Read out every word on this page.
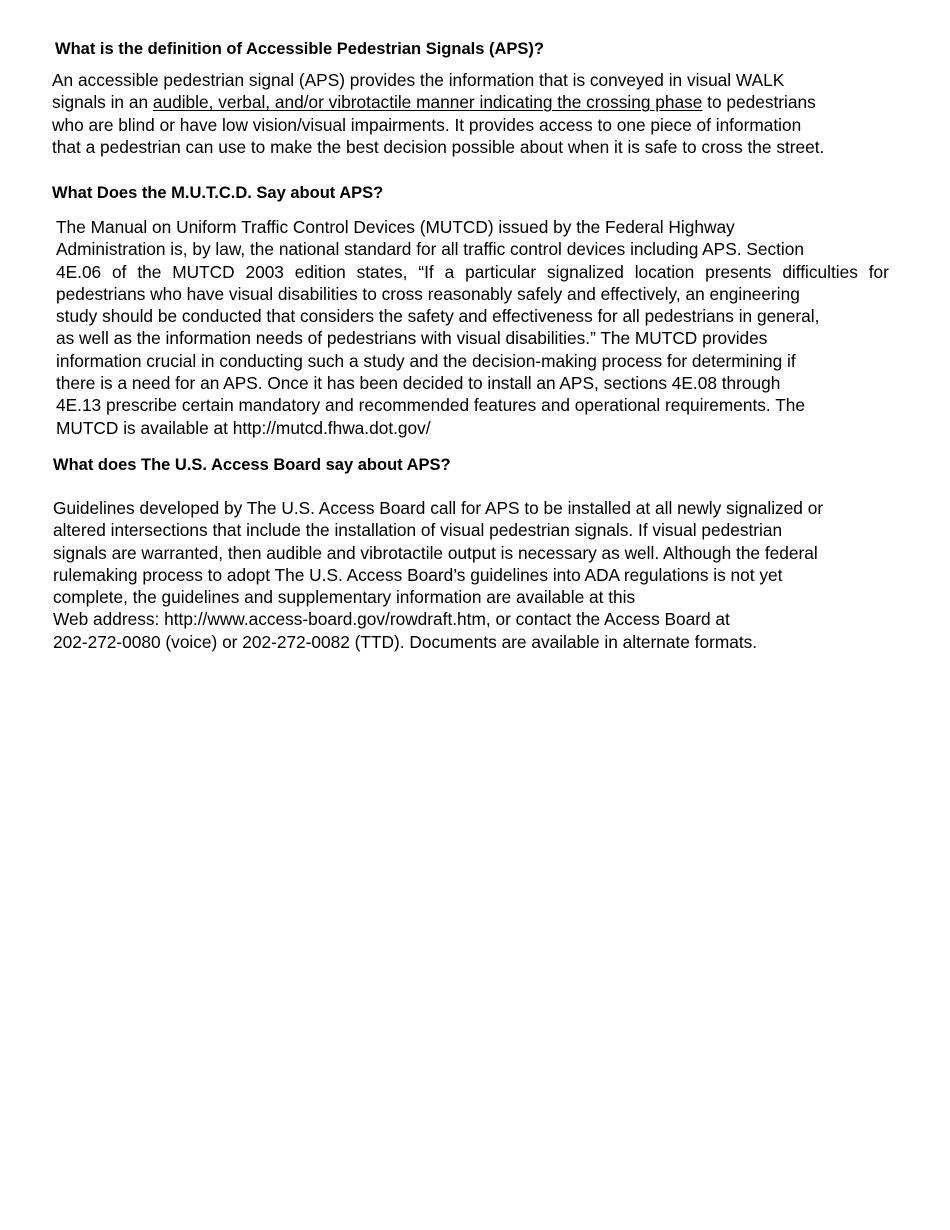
What is the definition of Accessible Pedestrian Signals (APS)?
An accessible pedestrian signal (APS) provides the information that is conveyed in visual WALK
signals in an audible, verbal, and/or vibrotactile manner indicating the crossing phase to pedestrians
who are blind or have low vision/visual impairments. It provides access to one piece of information
that a pedestrian can use to make the best decision possible about when it is safe to cross the street.
What Does the M.U.T.C.D. Say about APS?
The Manual on Uniform Traffic Control Devices (MUTCD) issued by the Federal Highway
Administration is, by law, the national standard for all traffic control devices including APS. Section
4E.06 of the MUTCD 2003 edition states, “If a particular signalized location presents difficulties for
pedestrians who have visual disabilities to cross reasonably safely and effectively, an engineering
study should be conducted that considers the safety and effectiveness for all pedestrians in general,
as well as the information needs of pedestrians with visual disabilities.” The MUTCD provides
information crucial in conducting such a study and the decision-making process for determining if
there is a need for an APS. Once it has been decided to install an APS, sections 4E.08 through
4E.13 prescribe certain mandatory and recommended features and operational requirements. The
MUTCD is available at http://mutcd.fhwa.dot.gov/
What does The U.S. Access Board say about APS?
Guidelines developed by The U.S. Access Board call for APS to be installed at all newly signalized or
altered intersections that include the installation of visual pedestrian signals. If visual pedestrian
signals are warranted, then audible and vibrotactile output is necessary as well. Although the federal
rulemaking process to adopt The U.S. Access Board’s guidelines into ADA regulations is not yet
complete, the guidelines and supplementary information are available at this
Web address: http://www.access-board.gov/rowdraft.htm, or contact the Access Board at
202-272-0080 (voice) or 202-272-0082 (TTD). Documents are available in alternate formats.
